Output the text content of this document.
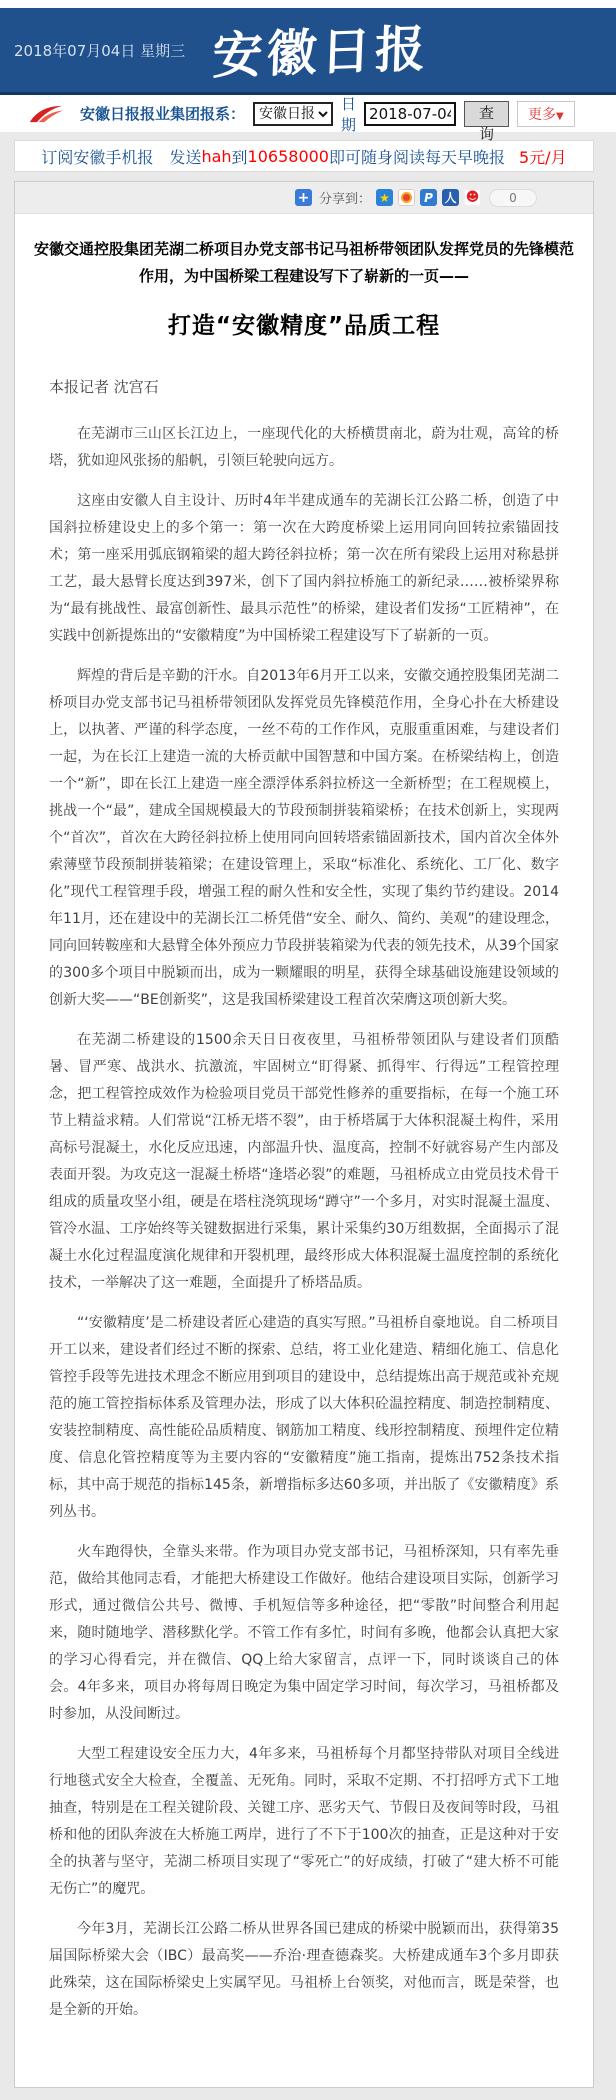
2018年07月04日 星期三 安徽日报
安徽日报报业集团报系：
安徽日报
日期
2018-07-04
查询
更多▼
订阅安徽手机报　发送 hah 到 10658000 即可随身阅读每天早晚报 5元/月
+ 分享到： ★	P 人 ☻	0
安徽交通控股集团芜湖二桥项目办党支部书记马祖桥带领团队发挥党员的先锋模范作用，为中国桥梁工程建设写下了崭新的一页——
打造“安徽精度”品质工程
本报记者 沈宫石

在芜湖市三山区长江边上，一座现代化的大桥横贯南北，蔚为壮观，高耸的桥塔，犹如迎风张扬的船帆，引领巨轮驶向远方。

这座由安徽人自主设计、历时4年半建成通车的芜湖长江公路二桥，创造了中国斜拉桥建设史上的多个第一：第一次在大跨度桥梁上运用同向回转拉索锚固技术；第一座采用弧底钢箱梁的超大跨径斜拉桥；第一次在所有梁段上运用对称悬拼工艺，最大悬臂长度达到397米，创下了国内斜拉桥施工的新纪录……被桥梁界称为“最有挑战性、最富创新性、最具示范性”的桥梁，建设者们发扬“工匠精神”，在实践中创新提炼出的“安徽精度”为中国桥梁工程建设写下了崭新的一页。

辉煌的背后是辛勤的汗水。自2013年6月开工以来，安徽交通控股集团芜湖二桥项目办党支部书记马祖桥带领团队发挥党员先锋模范作用，全身心扑在大桥建设上，以执著、严谨的科学态度，一丝不苟的工作作风，克服重重困难，与建设者们一起，为在长江上建造一流的大桥贡献中国智慧和中国方案。在桥梁结构上，创造一个“新”，即在长江上建造一座全漂浮体系斜拉桥这一全新桥型；在工程规模上，挑战一个“最”，建成全国规模最大的节段预制拼装箱梁桥；在技术创新上，实现两个“首次”，首次在大跨径斜拉桥上使用同向回转塔索锚固新技术，国内首次全体外索薄壁节段预制拼装箱梁；在建设管理上，采取“标准化、系统化、工厂化、数字化”现代工程管理手段，增强工程的耐久性和安全性，实现了集约节约建设。2014年11月，还在建设中的芜湖长江二桥凭借“安全、耐久、简约、美观”的建设理念，同向回转鞍座和大悬臂全体外预应力节段拼装箱梁为代表的领先技术，从39个国家的300多个项目中脱颖而出，成为一颗耀眼的明星，获得全球基础设施建设领域的创新大奖——“BE创新奖”，这是我国桥梁建设工程首次荣膺这项创新大奖。

在芜湖二桥建设的1500余天日日夜夜里，马祖桥带领团队与建设者们顶酷暑、冒严寒、战洪水、抗激流，牢固树立“盯得紧、抓得牢、行得远”工程管控理念，把工程管控成效作为检验项目党员干部党性修养的重要指标，在每一个施工环节上精益求精。人们常说“江桥无塔不裂”，由于桥塔属于大体积混凝土构件，采用高标号混凝土，水化反应迅速，内部温升快、温度高，控制不好就容易产生内部及表面开裂。为攻克这一混凝土桥塔“逢塔必裂”的难题，马祖桥成立由党员技术骨干组成的质量攻坚小组，硬是在塔柱浇筑现场“蹲守”一个多月，对实时混凝土温度、管冷水温、工序始终等关键数据进行采集，累计采集约30万组数据，全面揭示了混凝土水化过程温度演化规律和开裂机理，最终形成大体积混凝土温度控制的系统化技术，一举解决了这一难题，全面提升了桥塔品质。

“‘安徽精度’是二桥建设者匠心建造的真实写照。”马祖桥自豪地说。自二桥项目开工以来，建设者们经过不断的探索、总结，将工业化建造、精细化施工、信息化管控手段等先进技术理念不断应用到项目的建设中，总结提炼出高于规范或补充规范的施工管控指标体系及管理办法，形成了以大体积砼温控精度、制造控制精度、安装控制精度、高性能砼品质精度、钢筋加工精度、线形控制精度、预埋件定位精度、信息化管控精度等为主要内容的“安徽精度”施工指南，提炼出752条技术指标，其中高于规范的指标145条，新增指标多达60多项，并出版了《安徽精度》系列丛书。

火车跑得快，全靠头来带。作为项目办党支部书记，马祖桥深知，只有率先垂范，做给其他同志看，才能把大桥建设工作做好。他结合建设项目实际，创新学习形式，通过微信公共号、微博、手机短信等多种途径，把“零散”时间整合利用起来，随时随地学、潜移默化学。不管工作有多忙，时间有多晚，他都会认真把大家的学习心得看完，并在微信、QQ上给大家留言，点评一下，同时谈谈自己的体会。4年多来，项目办将每周日晚定为集中固定学习时间，每次学习，马祖桥都及时参加，从没间断过。

大型工程建设安全压力大，4年多来，马祖桥每个月都坚持带队对项目全线进行地毯式安全大检查，全覆盖、无死角。同时，采取不定期、不打招呼方式下工地抽查，特别是在工程关键阶段、关键工序、恶劣天气、节假日及夜间等时段，马祖桥和他的团队奔波在大桥施工两岸，进行了不下于100次的抽查，正是这种对于安全的执著与坚守，芜湖二桥项目实现了“零死亡”的好成绩，打破了“建大桥不可能无伤亡”的魔咒。

今年3月，芜湖长江公路二桥从世界各国已建成的桥梁中脱颖而出，获得第35届国际桥梁大会（IBC）最高奖——乔治·理查德森奖。大桥建成通车3个多月即获此殊荣，这在国际桥梁史上实属罕见。马祖桥上台领奖，对他而言，既是荣誉，也是全新的开始。
